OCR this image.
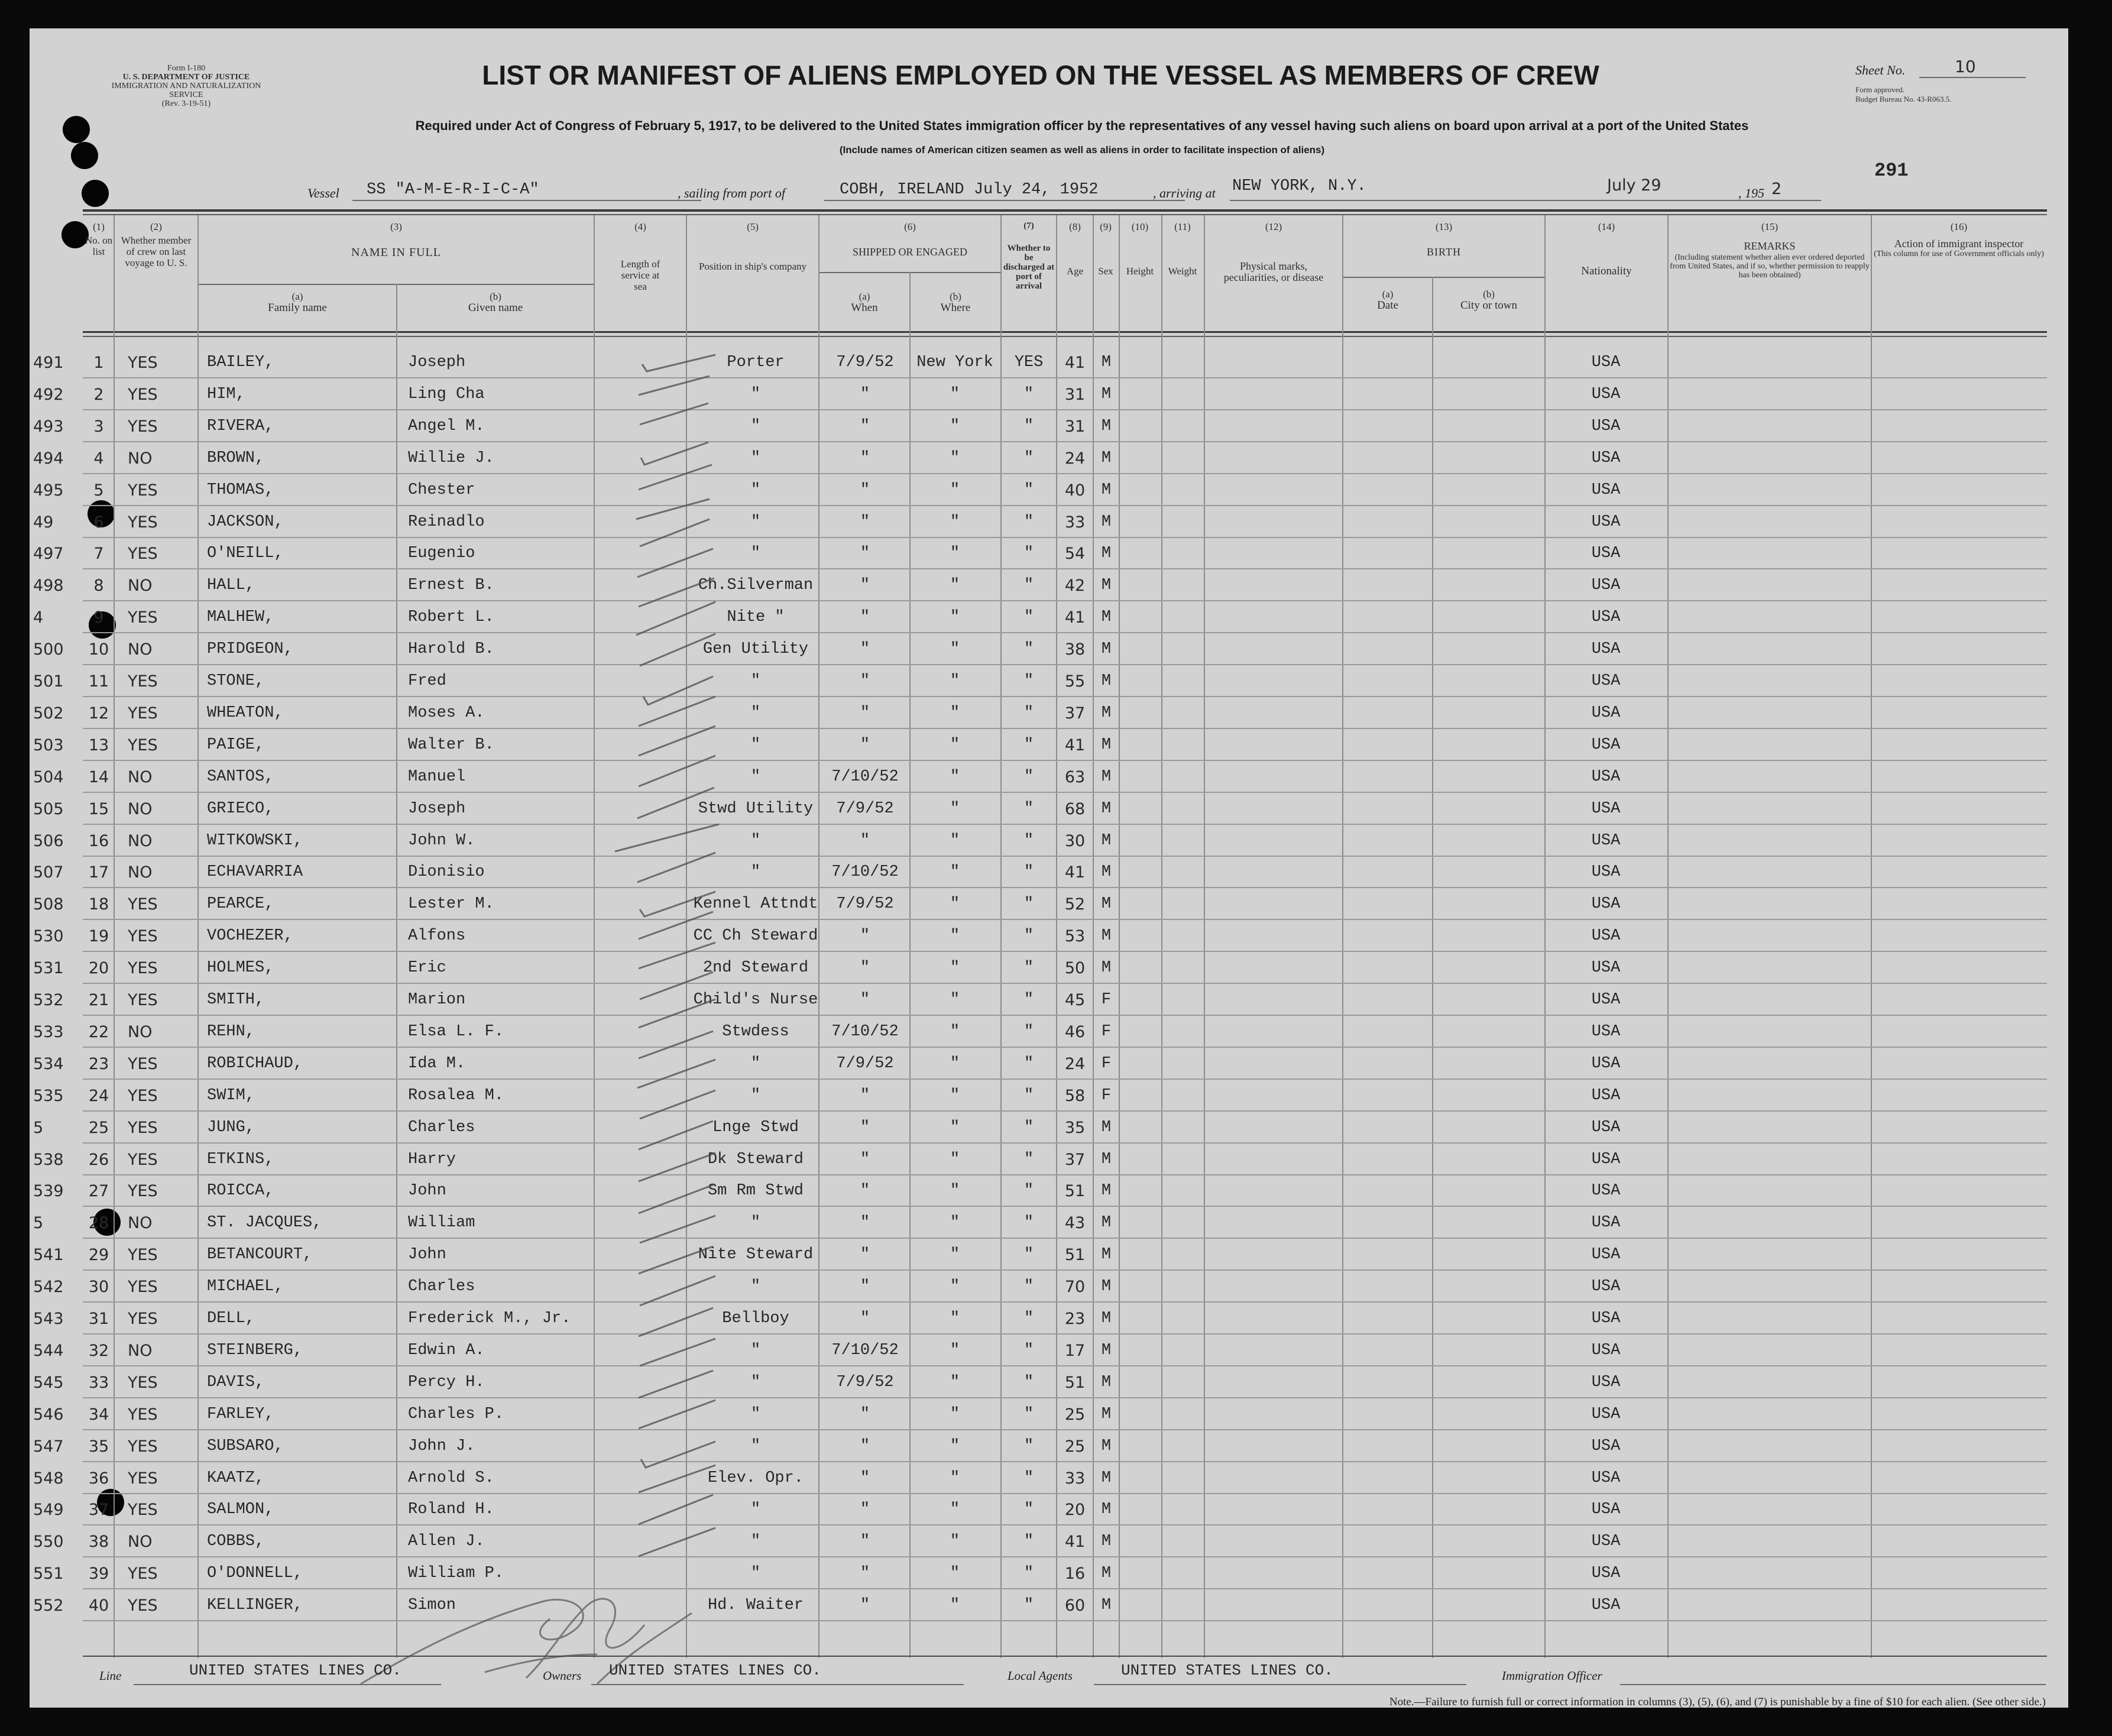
Form I-180
U. S. DEPARTMENT OF JUSTICE
IMMIGRATION AND NATURALIZATION SERVICE
(Rev. 3-19-51)
LIST OR MANIFEST OF ALIENS EMPLOYED ON THE VESSEL AS MEMBERS OF CREW
Required under Act of Congress of February 5, 1917, to be delivered to the United States immigration officer by the representatives of any vessel having such aliens on board upon arrival at a port of the United States
(Include names of American citizen seamen as well as aliens in order to facilitate inspection of aliens)
Sheet No.	10
Form approved.
Budget Bureau No. 43-R063.5.
291
Vessel SS "A-M-E-R-I-C-A"	, sailing from port of	COBH, IRELAND July 24, 1952	, arriving at NEW YORK, N.Y.	July 29	, 195 2
(1)
No. on list
(2)
Whether member of crew on last voyage to U. S.
(3)
NAME IN FULL
(a)
Family name
(b)
Given name
(4)
Length of service at sea
(5)
Position in ship's company
(6)
SHIPPED OR ENGAGED
(a)
When
(b)
Where
(7)
Whether to be discharged at port of arrival
(8)
Age
(9)
Sex
(10)
Height
(11)
Weight
(12)
Physical marks, peculiarities, or disease
(13)
BIRTH
(a)
Date
(b)
City or town
(14)
Nationality
(15)
REMARKS
(Including statement whether alien ever ordered deported from United States, and if so, whether permission to reapply has been obtained)
(16)
Action of immigrant inspector
(This column for use of Government officials only)
491	1	YES	BAILEY,	Joseph	Porter	7/9/52	New York	YES	41	M	USA
492	2	YES	HIM,	Ling Cha	"	"	"	"	31	M	USA
493	3	YES	RIVERA,	Angel M.	"	"	"	"	31	M	USA
494	4	NO	BROWN,	Willie J.	"	"	"	"	24	M	USA
495	5	YES	THOMAS,	Chester	"	"	"	"	40	M	USA
49	6	YES	JACKSON,	Reinadlo	"	"	"	"	33	M	USA
497	7	YES	O'NEILL,	Eugenio	"	"	"	"	54	M	USA
498	8	NO	HALL,	Ernest B.	Ch.Silverman	"	"	"	42	M	USA
4	9	YES	MALHEW,	Robert L.	Nite "	"	"	"	41	M	USA
500	10 NO	PRIDGEON,	Harold B.	Gen Utility	"	"	"	38	M	USA
501	11 YES	STONE,	Fred	"	"	"	"	55	M	USA
502	12 YES	WHEATON,	Moses A.	"	"	"	"	37	M	USA
503	13 YES	PAIGE,	Walter B.	"	"	"	"	41	M	USA
504	14 NO	SANTOS,	Manuel	"	7/10/52	"	"	63	M	USA
505	15 NO	GRIECO,	Joseph	Stwd Utility	7/9/52	"	"	68	M	USA
506	16 NO	WITKOWSKI,	John W.	"	"	"	"	30	M	USA
507	17 NO	ECHAVARRIA	Dionisio	"	7/10/52	"	"	41	M	USA
508	18 YES	PEARCE,	Lester M.	Kennel Attndt	7/9/52	"	"	52	M	USA
530	19 YES	VOCHEZER,	Alfons	CC Ch Steward	"	"	"	53	M	USA
531	20 YES	HOLMES,	Eric	2nd Steward	"	"	"	50	M	USA
532	21 YES	SMITH,	Marion	Child's Nurse	"	"	"	45	F	USA
533	22 NO	REHN,	Elsa L. F.	Stwdess	7/10/52	"	"	46	F	USA
534	23 YES	ROBICHAUD,	Ida M.	"	7/9/52	"	"	24	F	USA
535	24 YES	SWIM,	Rosalea M.	"	"	"	"	58	F	USA
5	25 YES	JUNG,	Charles	Lnge Stwd	"	"	"	35	M	USA
538	26 YES	ETKINS,	Harry	Dk Steward	"	"	"	37	M	USA
539	27 YES	ROICCA,	John	Sm Rm Stwd	"	"	"	51	M	USA
5	28 NO	ST. JACQUES,	William	"	"	"	"	43	M	USA
541	29 YES	BETANCOURT,	John	Nite Steward	"	"	"	51	M	USA
542	30 YES	MICHAEL,	Charles	"	"	"	"	70	M	USA
543	31 YES	DELL,	Frederick M., Jr.	Bellboy	"	"	"	23	M	USA
544	32 NO	STEINBERG,	Edwin A.	"	7/10/52	"	"	17	M	USA
545	33 YES	DAVIS,	Percy H.	"	7/9/52	"	"	51	M	USA
546	34 YES	FARLEY,	Charles P.	"	"	"	"	25	M	USA
547	35 YES	SUBSARO,	John J.	"	"	"	"	25	M	USA
548	36 YES	KAATZ,	Arnold S.	Elev. Opr.	"	"	"	33	M	USA
549	37 YES	SALMON,	Roland H.	"	"	"	"	20	M	USA
550	38 NO	COBBS,	Allen J.	"	"	"	"	41	M	USA
551	39 YES	O'DONNELL,	William P.	"	"	"	"	16	M	USA
552	40 YES	KELLINGER,	Simon	Hd. Waiter	"	"	"	60	M	USA
Line	UNITED STATES LINES CO.	Owners UNITED STATES LINES CO.	Local Agents	UNITED STATES LINES CO.	Immigration Officer
Note.—Failure to furnish full or correct information in columns (3), (5), (6), and (7) is punishable by a fine of $10 for each alien. (See other side.)
